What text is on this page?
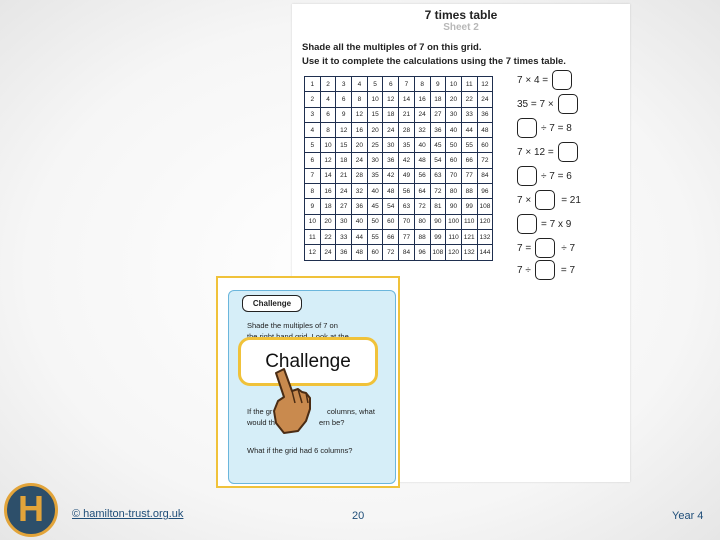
7 times table
Sheet 2
Shade all the multiples of 7 on this grid.
Use it to complete the calculations using the 7 times table.
1	2	3	4	5	6	7	8	9	10	11	12
2	4	6	8	10	12	14	16	18	20	22	24
3	6	9	12	15	18	21	24	27	30	33	36
4	8	12	16	20	24	28	32	36	40	44	48
5	10	15	20	25	30	35	40	45	50	55	60
6	12	18	24	30	36	42	48	54	60	66	72
7	14	21	28	35	42	49	56	63	70	77	84
8	16	24	32	40	48	56	64	72	80	88	96
9	18	27	36	45	54	63	72	81	90	99	108
10	20	30	40	50	60	70	80	90	100	110	120
11	22	33	44	55	66	77	88	99	110	121	132
12	24	36	48	60	72	84	96	108	120	132	144
7 × 4 =
35 = 7 ×
÷ 7 = 8
7 × 12 =
÷ 7 = 6
7 ×	= 21
= 7 x 9
7 =	÷ 7
7 ÷	= 7
Challenge
Shade the multiples of 7 on
If the gr	columns, what
would th	ern be?
What if the grid had 6 columns?
Challenge
H	© hamilton-trust.org.uk	20	Year 4
